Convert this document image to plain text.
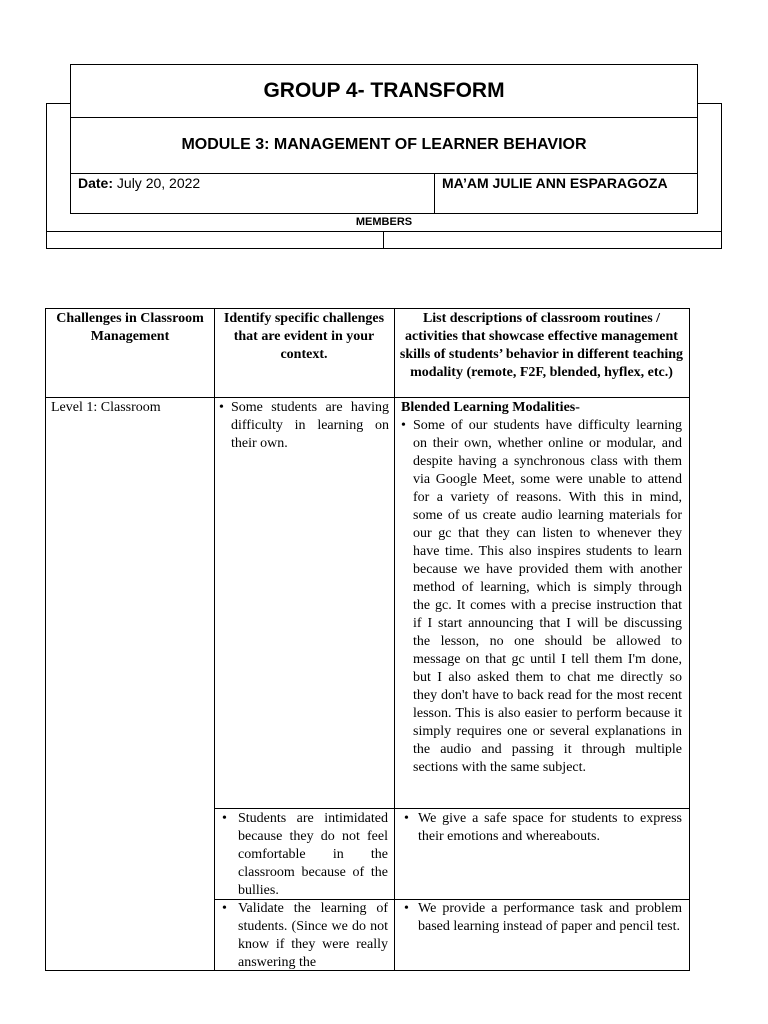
GROUP 4- TRANSFORM
MODULE 3: MANAGEMENT OF LEARNER BEHAVIOR
Date: July 20, 2022	MA’AM JULIE ANN ESPARAGOZA
MEMBERS
Challenges in Classroom Management
Identify specific challenges that are evident in your context.
List descriptions of classroom routines / activities that showcase effective management skills of students’ behavior in different teaching modality (remote, F2F, blended, hyflex, etc.)
Level 1: Classroom	• Some students are having difficulty in learning on their own.
Blended Learning Modalities-
• Some of our students have difficulty learning on their own, whether online or modular, and despite having a synchronous class with them via Google Meet, some were unable to attend for a variety of reasons. With this in mind, some of us create audio learning materials for our gc that they can listen to whenever they have time. This also inspires students to learn because we have provided them with another method of learning, which is simply through the gc. It comes with a precise instruction that if I start announcing that I will be discussing the lesson, no one should be allowed to message on that gc until I tell them I'm done, but I also asked them to chat me directly so they don't have to back read for the most recent lesson. This is also easier to perform because it simply requires one or several explanations in the audio and passing it through multiple sections with the same subject.
• Students are intimidated because they do not feel comfortable in the classroom because of the bullies.
• We give a safe space for students to express their emotions and whereabouts.
• Validate the learning of students. (Since we do not know if they were really answering the
• We provide a performance task and problem based learning instead of paper and pencil test.
